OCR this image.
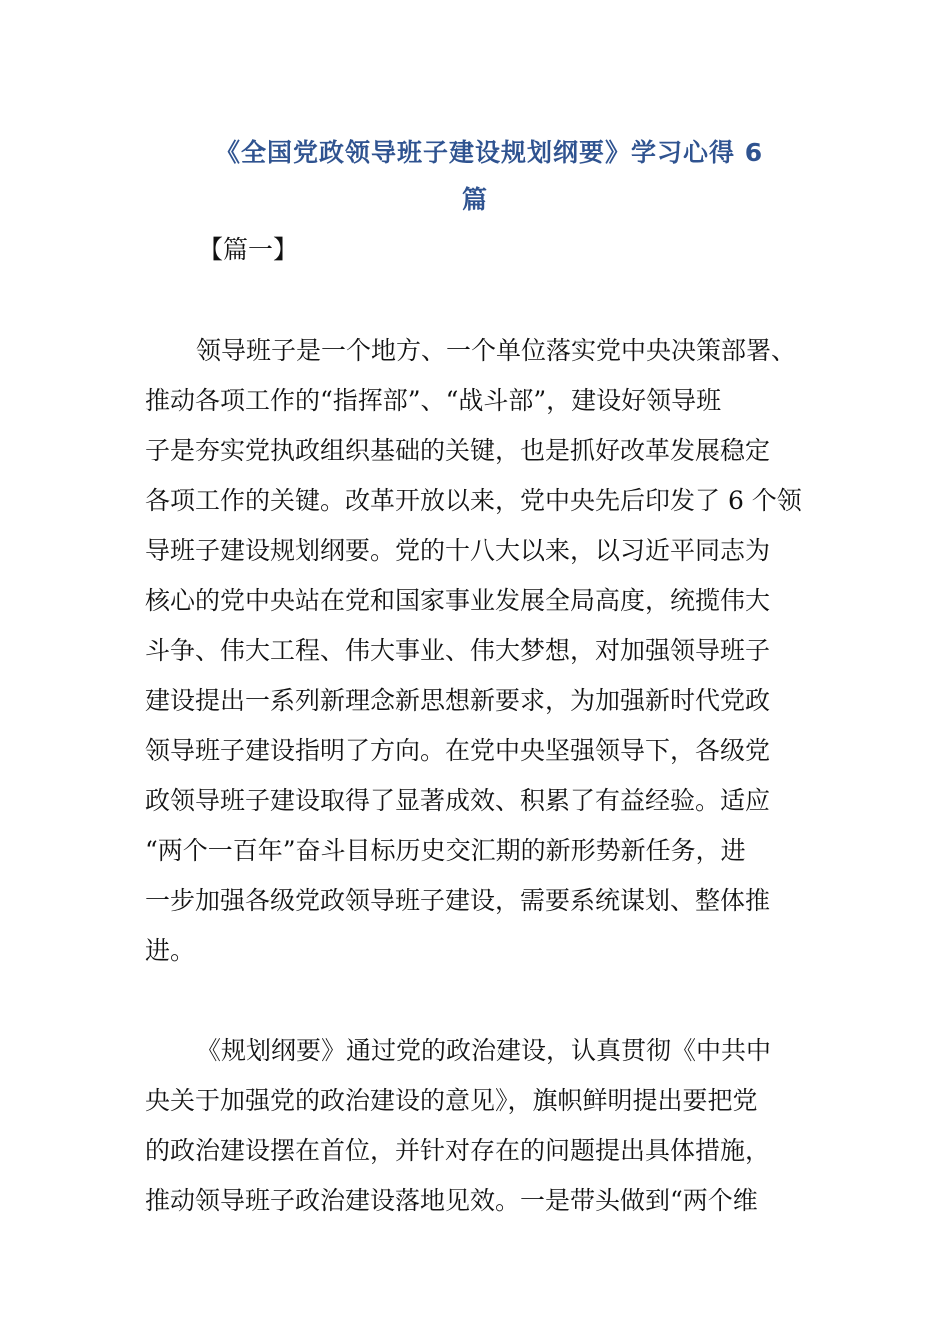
《全国党政领导班子建设规划纲要》学习心得 6
篇

【篇一】

领导班子是一个地方、一个单位落实党中央决策部署、

推动各项工作的“指挥部”、“战斗部”，建设好领导班

子是夯实党执政组织基础的关键，也是抓好改革发展稳定

各项工作的关键。改革开放以来，党中央先后印发了 6 个领

导班子建设规划纲要。党的十八大以来，以习近平同志为

核心的党中央站在党和国家事业发展全局高度，统揽伟大

斗争、伟大工程、伟大事业、伟大梦想，对加强领导班子

建设提出一系列新理念新思想新要求，为加强新时代党政

领导班子建设指明了方向。在党中央坚强领导下，各级党

政领导班子建设取得了显著成效、积累了有益经验。适应

“两个一百年”奋斗目标历史交汇期的新形势新任务，进

一步加强各级党政领导班子建设，需要系统谋划、整体推

进。

《规划纲要》通过党的政治建设，认真贯彻《中共中

央关于加强党的政治建设的意见》，旗帜鲜明提出要把党

的政治建设摆在首位，并针对存在的问题提出具体措施，

推动领导班子政治建设落地见效。一是带头做到“两个维
